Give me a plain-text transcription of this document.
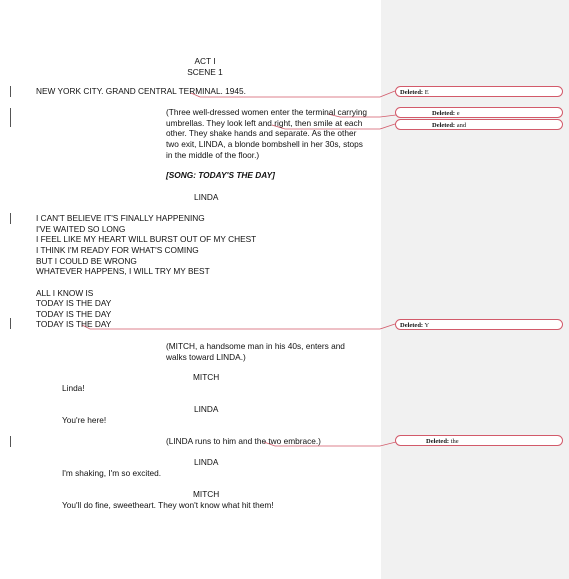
ACT I
SCENE 1
NEW YORK CITY. GRAND CENTRAL TERMINAL. 1945.
(Three well-dressed women enter the terminal carrying umbrellas. They look left and right, then smile at each other. They shake hands and separate. As the other two exit, LINDA, a blonde bombshell in her 30s, stops in the middle of the floor.)
[SONG: TODAY'S THE DAY]
LINDA
I CAN'T BELIEVE IT'S FINALLY HAPPENING
I'VE WAITED SO LONG
I FEEL LIKE MY HEART WILL BURST OUT OF MY CHEST
I THINK I'M READY FOR WHAT'S COMING
BUT I COULD BE WRONG
WHATEVER HAPPENS, I WILL TRY MY BEST
ALL I KNOW IS
TODAY IS THE DAY
TODAY IS THE DAY
TODAY IS THE DAY
(MITCH, a handsome man in his 40s, enters and walks toward LINDA.)
MITCH
Linda!
LINDA
You're here!
(LINDA runs to him and the two embrace.)
LINDA
I'm shaking, I'm so excited.
MITCH
You'll do fine, sweetheart. They won't know what hit them!
Deleted: E
Deleted: e
Deleted: and
Deleted: Y
Deleted: the
